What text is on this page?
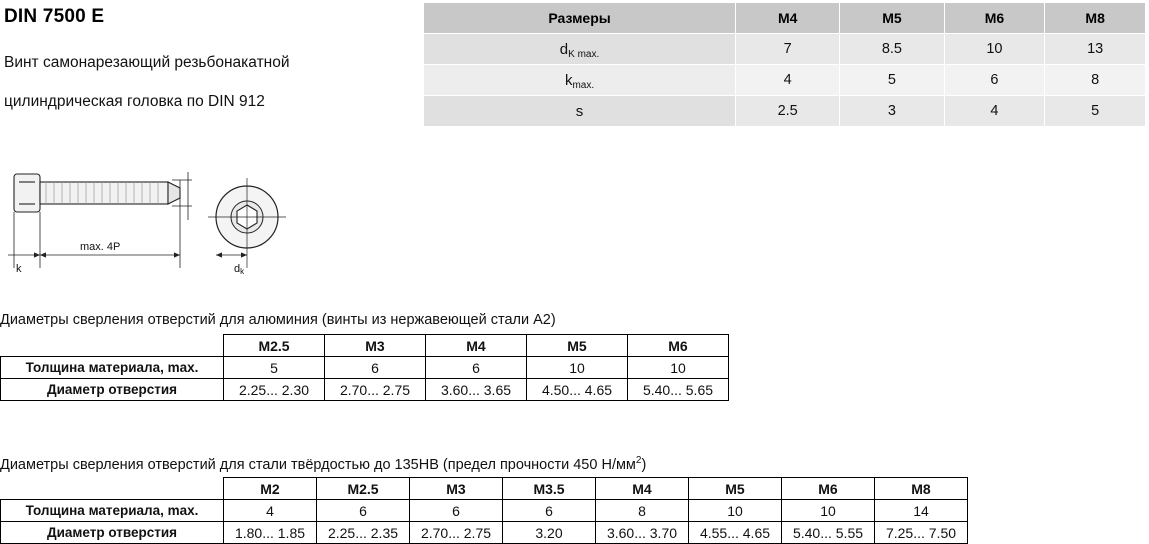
DIN 7500 E
Винт самонарезающий резьбонакатной
цилиндрическая головка по DIN 912
Размеры	M4	M5	M6	M8
$d_{K max.}$	7	8.5	10	13
$k_{max.}$	4	5	6	8
s	2.5	3	4	5
k
max. 4P
dk
Диаметры сверления отверстий для алюминия (винты из нержавеющей стали А2)
	M2.5	M3	M4	M5	M6
Толщина материала, max.	5	6	6	10	10
Диаметр отверстия	2.25... 2.30	2.70... 2.75	3.60... 3.65	4.50... 4.65	5.40... 5.65
Диаметры сверления отверстий для стали твёрдостью до 135HB (предел прочности 450 $Н/мм^2$)
	M2	M2.5	M3	M3.5	M4	M5	M6	M8
Толщина материала, max.	4	6	6	6	8	10	10	14
Диаметр отверстия	1.80... 1.85	2.25... 2.35	2.70... 2.75	3.20	3.60... 3.70	4.55... 4.65	5.40... 5.55	7.25... 7.50
